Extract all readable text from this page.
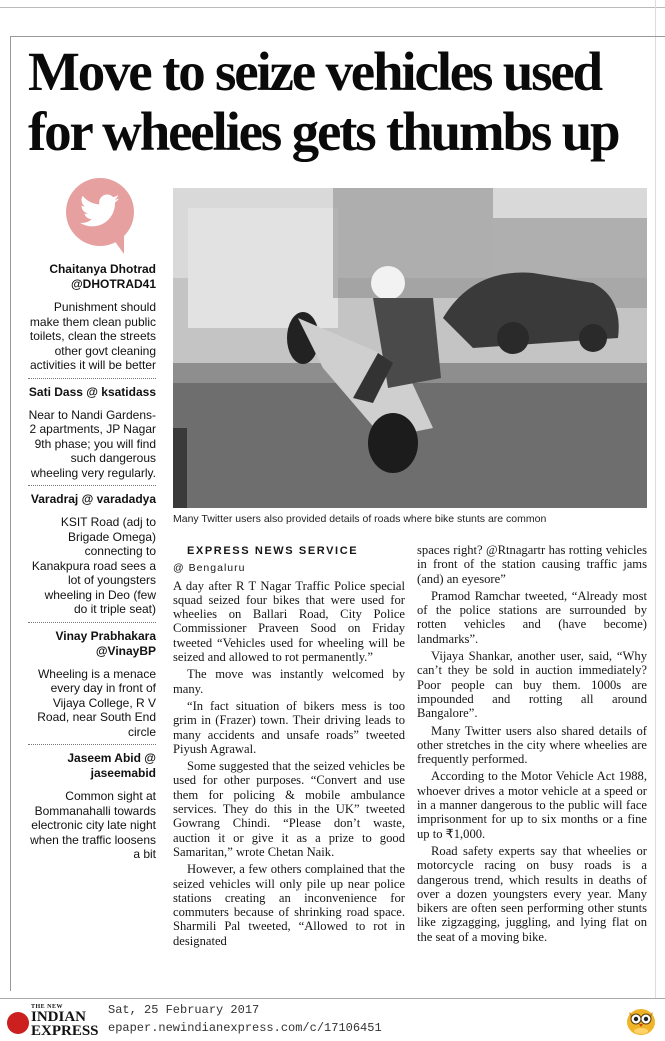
Move to seize vehicles used for wheelies gets thumbs up
Chaitanya Dhotrad @DHOTRAD41
Punishment should make them clean public toilets, clean the streets other govt cleaning activities it will be better
Sati Dass @ ksatidass
Near to Nandi Gardens-2 apartments, JP Nagar 9th phase; you will find such dangerous wheeling very regularly.
Varadraj @ varadadya
KSIT Road (adj to Brigade Omega) connecting to Kanakpura road sees a lot of youngsters wheeling in Deo (few do it triple seat)
Vinay Prabhakara @VinayBP
Wheeling is a menace every day in front of Vijaya College, R V Road, near South End circle
Jaseem Abid @ jaseemabid
Common sight at Bommanahalli towards electronic city late night when the traffic loosens a bit
Many Twitter users also provided details of roads where bike stunts are common

EXPRESS NEWS SERVICE

@ Bengaluru

A day after R T Nagar Traffic Police special squad seized four bikes that were used for wheelies on Ballari Road, City Police Commissioner Praveen Sood on Friday tweeted “Vehicles used for wheeling will be seized and allowed to rot permanently.”

The move was instantly welcomed by many.

“In fact situation of bikers mess is too grim in (Frazer) town. Their driving leads to many accidents and unsafe roads” tweeted Piyush Agrawal.

Some suggested that the seized vehicles be used for other purposes. “Convert and use them for policing & mobile ambulance services. They do this in the UK” tweeted Gowrang Chindi. “Please don’t waste, auction it or give it as a prize to good Samaritan,” wrote Chetan Naik.

However, a few others complained that the seized vehicles will only pile up near police stations creating an inconvenience for commuters because of shrinking road space. Sharmili Pal tweeted, “Allowed to rot in designated

spaces right? @Rtnagartr has rotting vehicles in front of the station causing traffic jams (and) an eyesore”

Pramod Ramchar tweeted, “Already most of the police stations are surrounded by rotten vehicles and (have become) landmarks”.

Vijaya Shankar, another user, said, “Why can’t they be sold in auction immediately? Poor people can buy them. 1000s are impounded and rotting all around Bangalore”.

Many Twitter users also shared details of other stretches in the city where wheelies are frequently performed.

According to the Motor Vehicle Act 1988, whoever drives a motor vehicle at a speed or in a manner dangerous to the public will face imprisonment for up to six months or a fine up to ₹1,000.

Road safety experts say that wheelies or motorcycle racing on busy roads is a dangerous trend, which results in deaths of over a dozen youngsters every year. Many bikers are often seen performing other stunts like zigzagging, juggling, and lying flat on the seat of a moving bike.

THE NEW
INDIAN EXPRESS
Sat, 25 February 2017
epaper.newindianexpress.com/c/17106451
